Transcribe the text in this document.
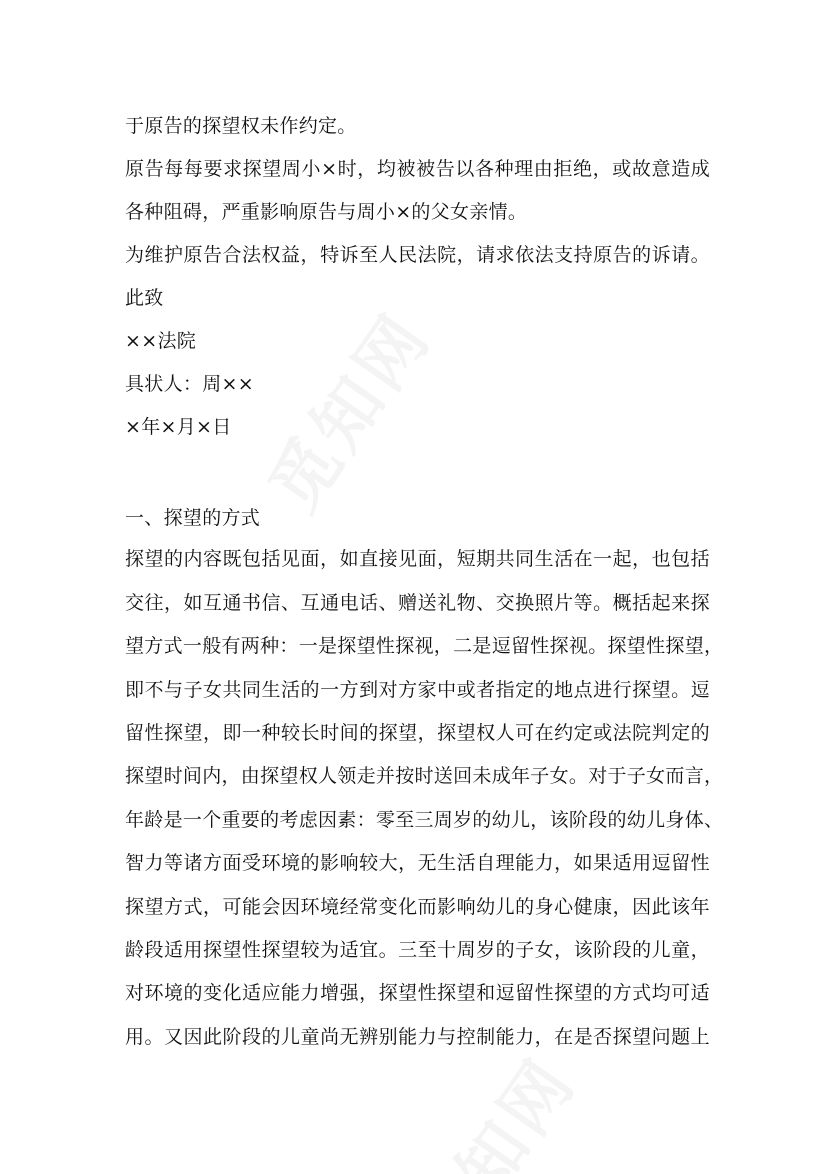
于原告的探望权未作约定。
原告每每要求探望周小×时，均被被告以各种理由拒绝，或故意造成
各种阻碍，严重影响原告与周小×的父女亲情。
为维护原告合法权益，特诉至人民法院，请求依法支持原告的诉请。
此致
××法院
具状人：周××
×年×月×日
一、探望的方式
探望的内容既包括见面，如直接见面，短期共同生活在一起，也包括
交往，如互通书信、互通电话、赠送礼物、交换照片等。概括起来探
望方式一般有两种：一是探望性探视，二是逗留性探视。探望性探望，
即不与子女共同生活的一方到对方家中或者指定的地点进行探望。逗
留性探望，即一种较长时间的探望，探望权人可在约定或法院判定的
探望时间内，由探望权人领走并按时送回未成年子女。对于子女而言，
年龄是一个重要的考虑因素：零至三周岁的幼儿，该阶段的幼儿身体、
智力等诸方面受环境的影响较大，无生活自理能力，如果适用逗留性
探望方式，可能会因环境经常变化而影响幼儿的身心健康，因此该年
龄段适用探望性探望较为适宜。三至十周岁的子女，该阶段的儿童，
对环境的变化适应能力增强，探望性探望和逗留性探望的方式均可适
用。又因此阶段的儿童尚无辨别能力与控制能力，在是否探望问题上
